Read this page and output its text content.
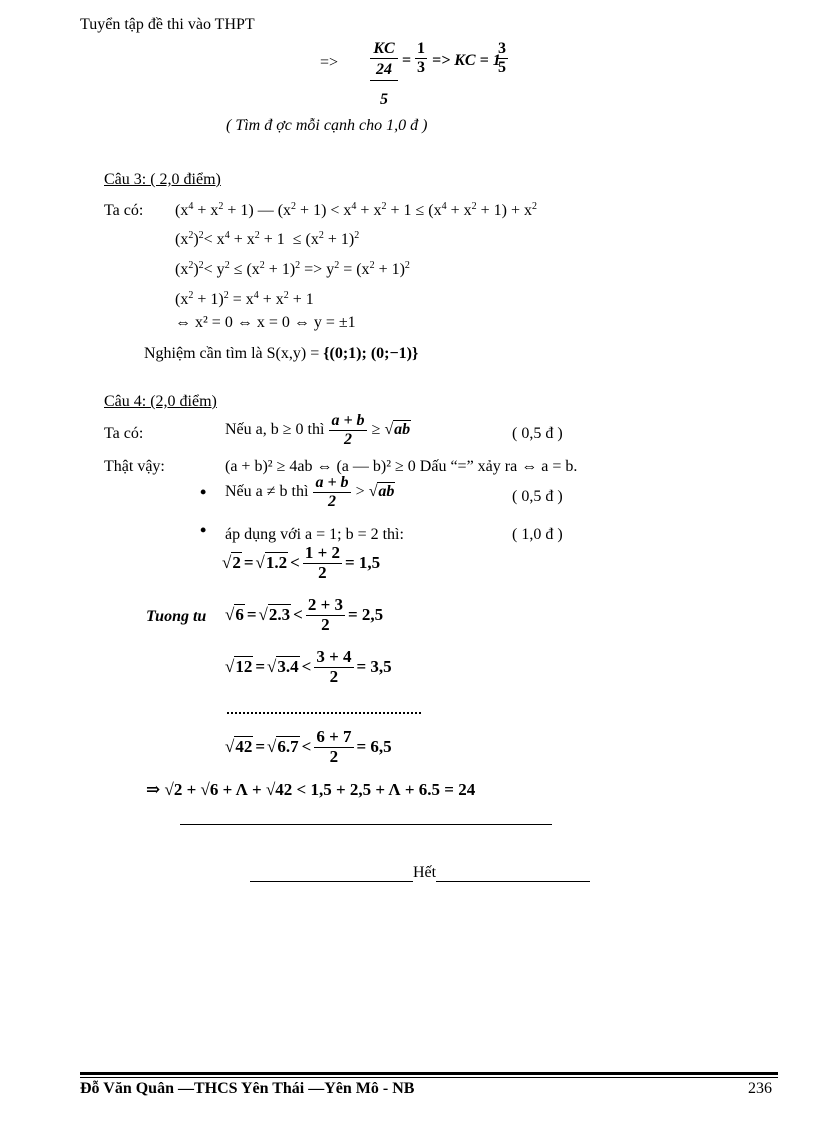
Tuyển tập đề thi vào THPT
=>
KC
24
5
=
1
3 => KC = 1
$\frac{3}{5}$
( Tìm đ ợc mỗi cạnh cho 1,0 đ )
Câu 3: ( 2,0 điểm)
Ta có: $(x^4 + x^2 + 1)$ — $(x^2 + 1) < x^4 + x^2 + 1 \le (x^4 + x^2 + 1) + x^2$
$(x^2)^2< x^4 + x^2 + 1 \le (x^2 + 1)^2$
$(x^2)^2< y^2 \le (x^2 + 1)^2 => y^2 = (x^2 + 1)^2$
$(x^2 + 1)^2 = x^4 + x^2 + 1$
⇔ x² = 0 ⇔ x = 0 ⇔ y = ±1
Nghiệm cần tìm là S(x,y) = {(0;1); (0;−1)}
Câu 4: (2,0 điểm)
Ta có:	Nếu a, b ≥ 0 thì $\frac{a + b}{2} \ge √ab$	( 0,5 đ )
Thật vậy:	(a + b)² ≥ 4ab ⇔ (a — b)² ≥ 0 Dấu “=” xảy ra ⇔ a = b.
• Nếu a ≠ b thì $\frac{a + b}{2} > √ab$	( 0,5 đ )
• áp dụng với a = 1; b = 2 thì:	( 1,0 đ )
$√2 = √1.2 < \frac{1 + 2}{2} = 1,5$
Tuong tu $√6 = √2.3 < \frac{2 + 3}{2} = 2,5$
$√12 = √3.4 < \frac{3 + 4}{2} = 3,5$
$√42 = √6.7 < \frac{6 + 7}{2} = 6,5$
⇒ √2 + √6 + Λ + √42 < 1,5 + 2,5 + Λ + 6.5 = 24
Hết
Đỗ Văn Quân —THCS Yên Thái —Yên Mô - NB	236
